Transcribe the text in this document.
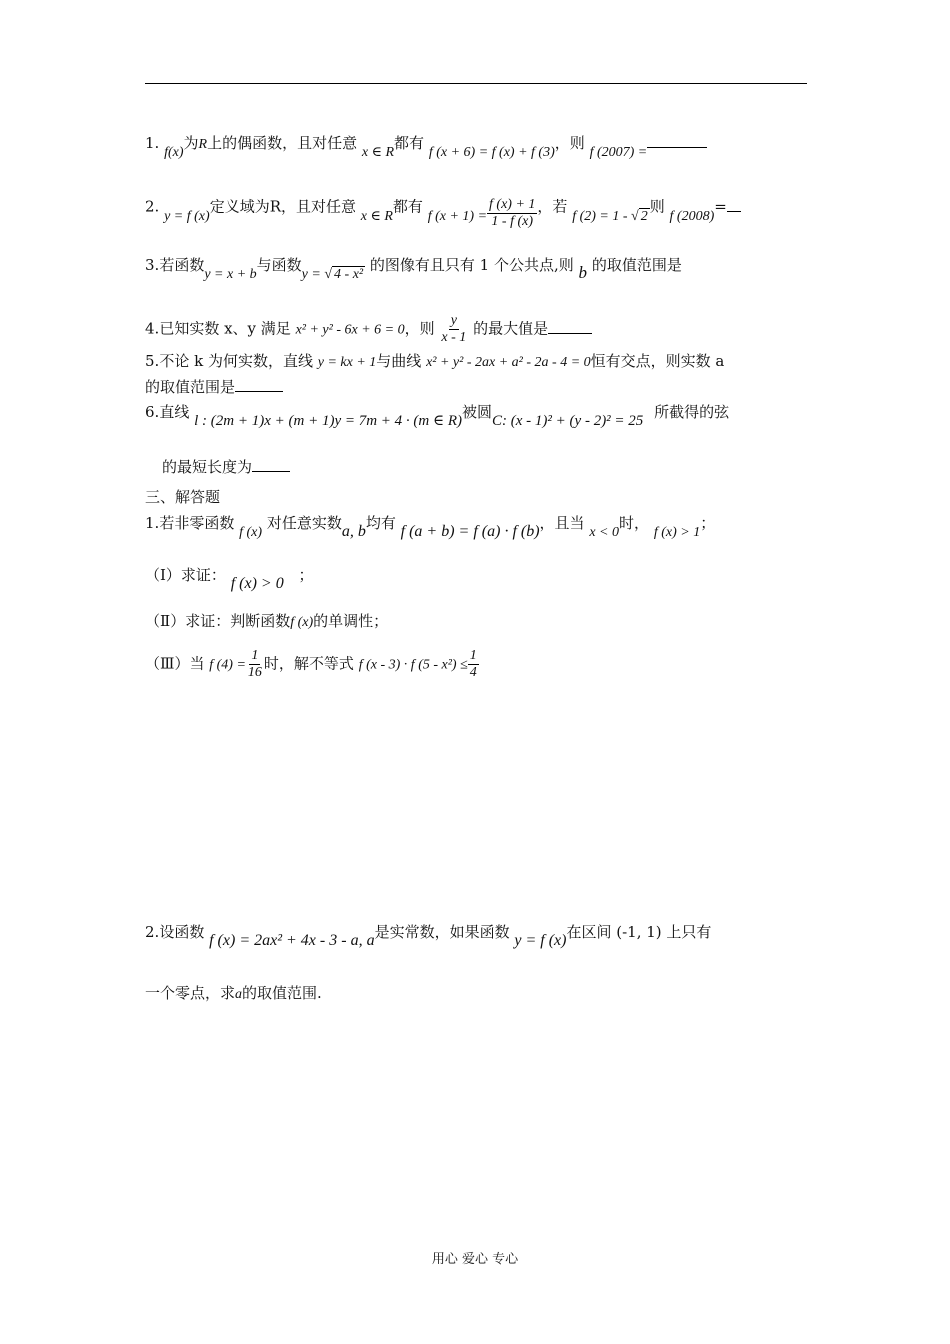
1. f(x)为R上的偶函数，且对任意 x ∈ R都有 f (x + 6) = f (x) + f (3)，则 f (2007) =
2. y = f (x)定义域为R，且对任意 x ∈ R都有 f $(x + 1) = \frac{f (x) + 1}{1 - f (x)}$ ，若 f (2) = 1 - √ 2则 f (2008)=
3.若函数y = x + b与函数y = √ 4 - x² 的图像有且只有 1 个公共点,则 b 的取值范围是
4.已知实数 x、y 满足 x² + y² - 6x + 6 = 0，则 $\frac{y}{x - 1}$ 的最大值是
5.不论 k 为何实数，直线 y = kx + 1与曲线 x² + y² - 2ax + a² - 2a - 4 = 0恒有交点，则实数 a
的取值范围是
6.直线 l : (2m + 1)x + (m + 1)y = 7m + 4 · (m ∈ R)被圆C: (x - 1)² + (y - 2)² = 25 所截得的弦
的最短长度为
三、解答题
1.若非零函数 f (x) 对任意实数a, b均有 f (a + b) = f (a) · f (b)，且当 x < 0时， f (x) > 1；
（Ⅰ）求证： f (x) > 0 ；
（Ⅱ）求证：判断函数f (x)的单调性；
（Ⅲ）当 f $(4) = \frac{1}{16}$ 时，解不等式 f (x - 3) · f $(5 - x^2) \le \frac{1}{4}$
2.设函数 f (x) = 2ax² + 4x - 3 - a, a是实常数，如果函数 y = f (x)在区间 (-1, 1) 上只有
一个零点，求a的取值范围.
用心 爱心 专心
